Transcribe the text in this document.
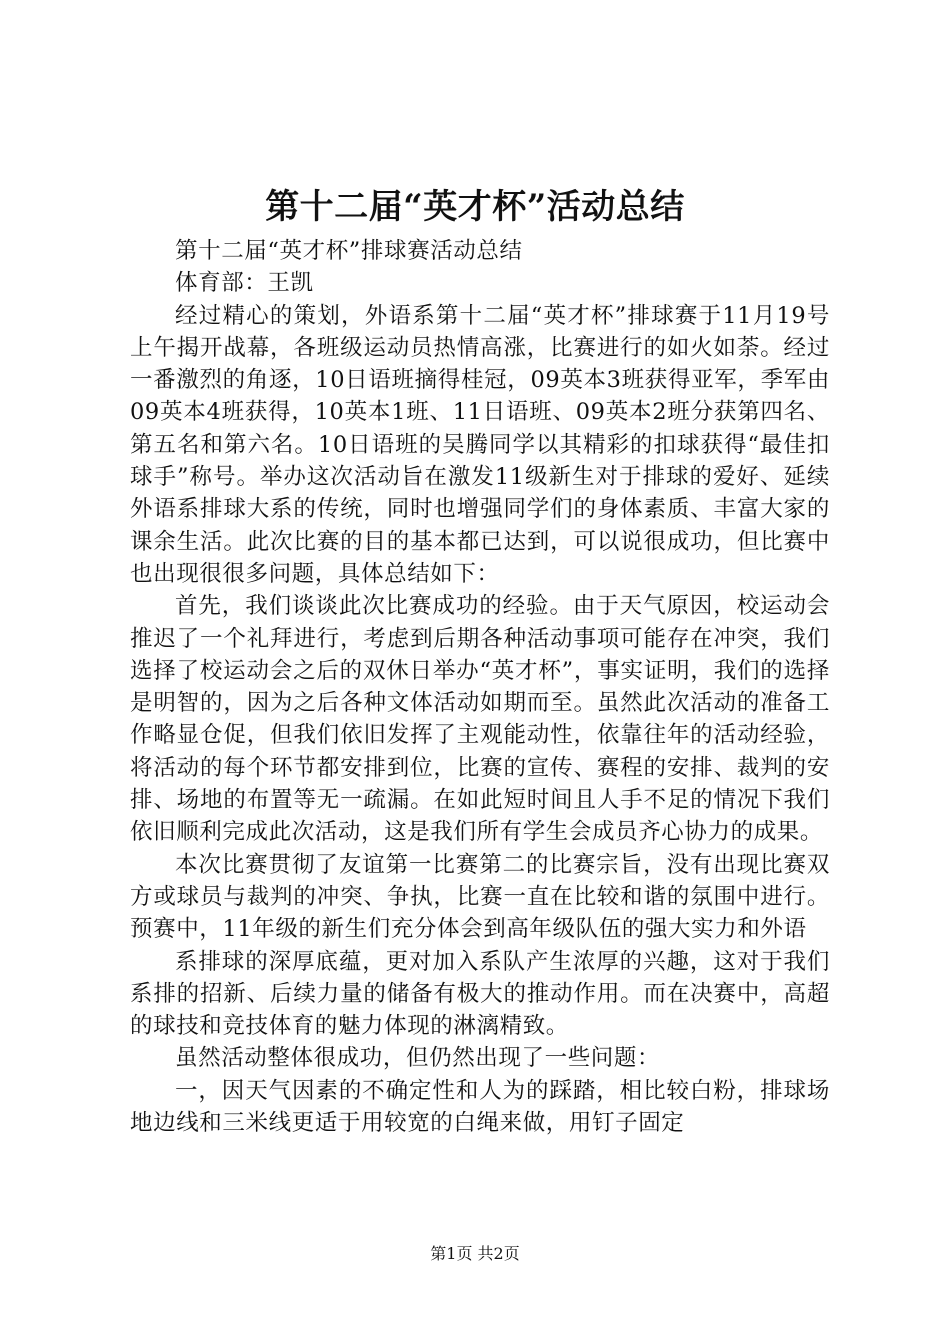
第十二届“英才杯”活动总结

第十二届“英才杯”排球赛活动总结

体育部：王凯

经过精心的策划，外语系第十二届“英才杯”排球赛于11月19号上午揭开战幕，各班级运动员热情高涨，比赛进行的如火如荼。经过一番激烈的角逐，10日语班摘得桂冠，09英本3班获得亚军，季军由09英本4班获得，10英本1班、11日语班、09英本2班分获第四名、第五名和第六名。10日语班的吴腾同学以其精彩的扣球获得“最佳扣球手”称号。举办这次活动旨在激发11级新生对于排球的爱好、延续外语系排球大系的传统，同时也增强同学们的身体素质、丰富大家的课余生活。此次比赛的目的基本都已达到，可以说很成功，但比赛中也出现很很多问题，具体总结如下：

首先，我们谈谈此次比赛成功的经验。由于天气原因，校运动会推迟了一个礼拜进行，考虑到后期各种活动事项可能存在冲突，我们选择了校运动会之后的双休日举办“英才杯”，事实证明，我们的选择是明智的，因为之后各种文体活动如期而至。虽然此次活动的准备工作略显仓促，但我们依旧发挥了主观能动性，依靠往年的活动经验，将活动的每个环节都安排到位，比赛的宣传、赛程的安排、裁判的安排、场地的布置等无一疏漏。在如此短时间且人手不足的情况下我们依旧顺利完成此次活动，这是我们所有学生会成员齐心协力的成果。

本次比赛贯彻了友谊第一比赛第二的比赛宗旨，没有出现比赛双方或球员与裁判的冲突、争执，比赛一直在比较和谐的氛围中进行。预赛中，11年级的新生们充分体会到高年级队伍的强大实力和外语

系排球的深厚底蕴，更对加入系队产生浓厚的兴趣，这对于我们系排的招新、后续力量的储备有极大的推动作用。而在决赛中，高超的球技和竞技体育的魅力体现的淋漓精致。

虽然活动整体很成功，但仍然出现了一些问题：

一，因天气因素的不确定性和人为的踩踏，相比较白粉，排球场地边线和三米线更适于用较宽的白绳来做，用钉子固定

第1页 共2页
